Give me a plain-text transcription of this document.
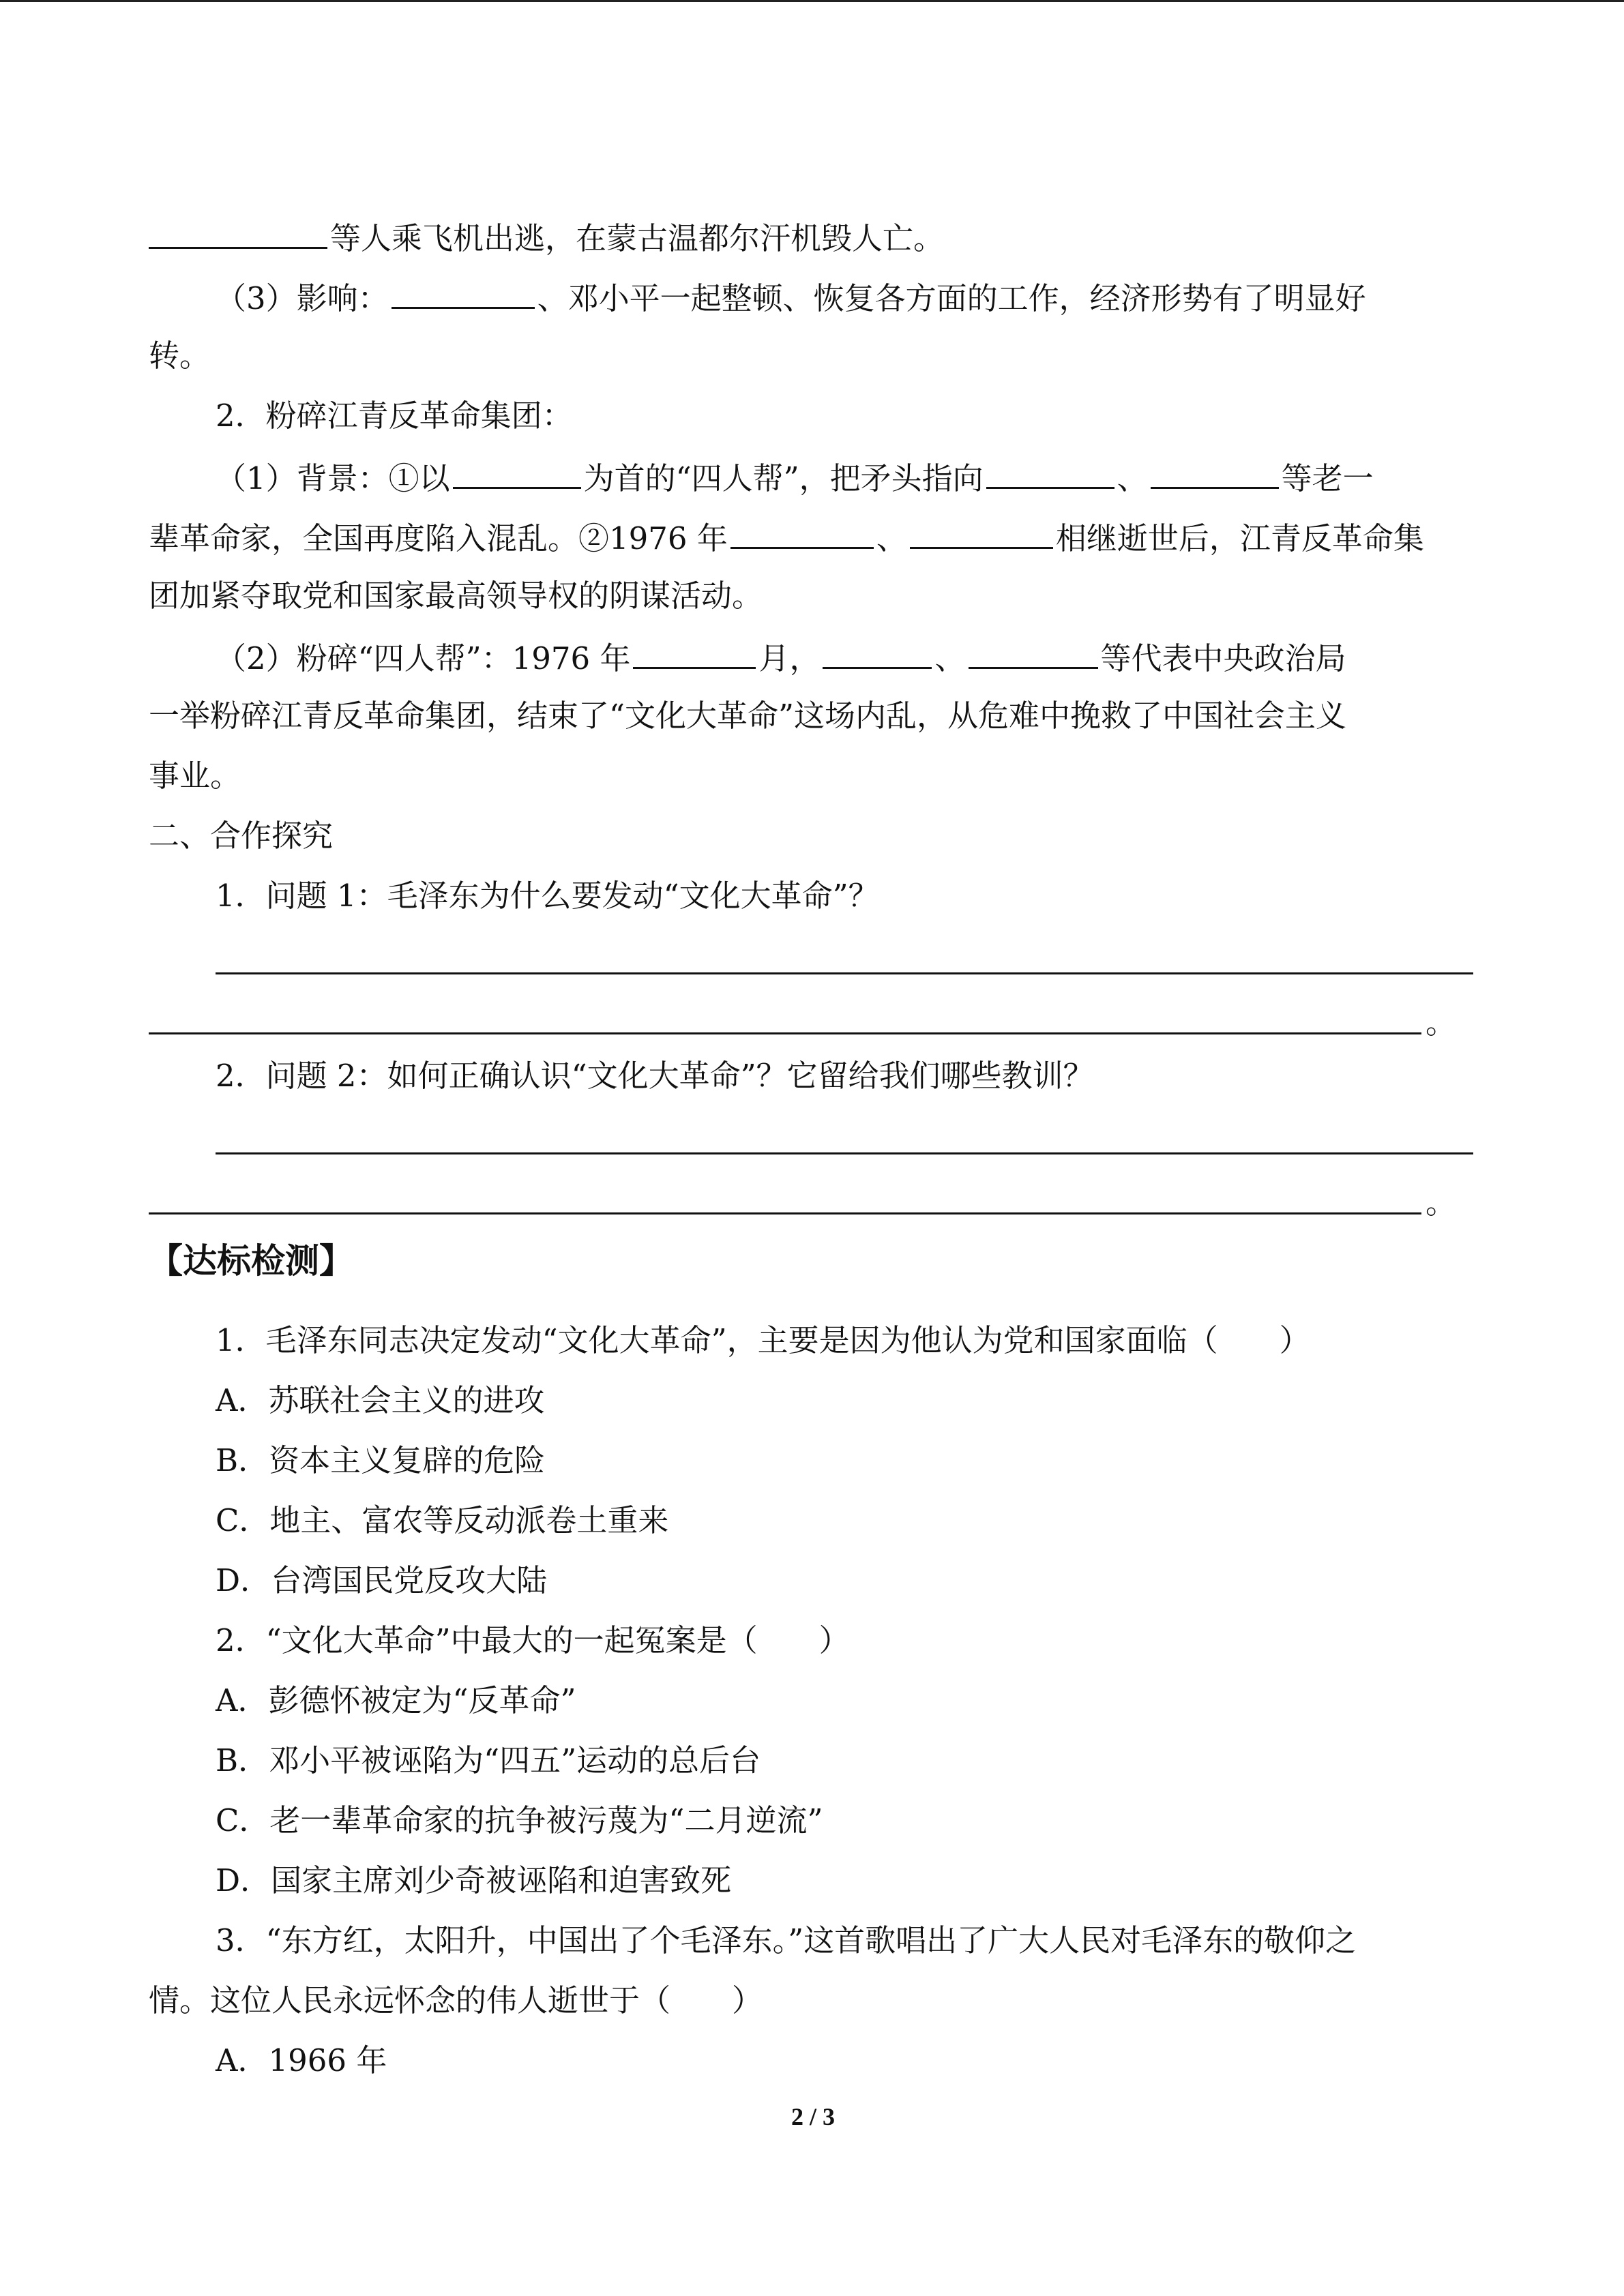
等人乘飞机出逃，在蒙古温都尔汗机毁人亡。
（3）影响：	、邓小平一起整顿、恢复各方面的工作，经济形势有了明显好
转。
2．粉碎江青反革命集团：
（1）背景：①以	为首的“四人帮”，把矛头指向	、	等老一
辈革命家，全国再度陷入混乱。②1976 年	、	相继逝世后，江青反革命集
团加紧夺取党和国家最高领导权的阴谋活动。
（2）粉碎“四人帮”：1976 年	月，	、	等代表中央政治局
一举粉碎江青反革命集团，结束了“文化大革命”这场内乱，从危难中挽救了中国社会主义
事业。
二、合作探究
1．问题 1：毛泽东为什么要发动“文化大革命”？
。
2．问题 2：如何正确认识“文化大革命”？它留给我们哪些教训？
。
【达标检测】
1．毛泽东同志决定发动“文化大革命”，主要是因为他认为党和国家面临（　　）
A．苏联社会主义的进攻
B．资本主义复辟的危险
C．地主、富农等反动派卷土重来
D．台湾国民党反攻大陆
2．“文化大革命”中最大的一起冤案是（　　）
A．彭德怀被定为“反革命”
B．邓小平被诬陷为“四五”运动的总后台
C．老一辈革命家的抗争被污蔑为“二月逆流”
D．国家主席刘少奇被诬陷和迫害致死
3．“东方红，太阳升，中国出了个毛泽东。”这首歌唱出了广大人民对毛泽东的敬仰之
情。这位人民永远怀念的伟人逝世于（　　）
A．1966 年
2 / 3
